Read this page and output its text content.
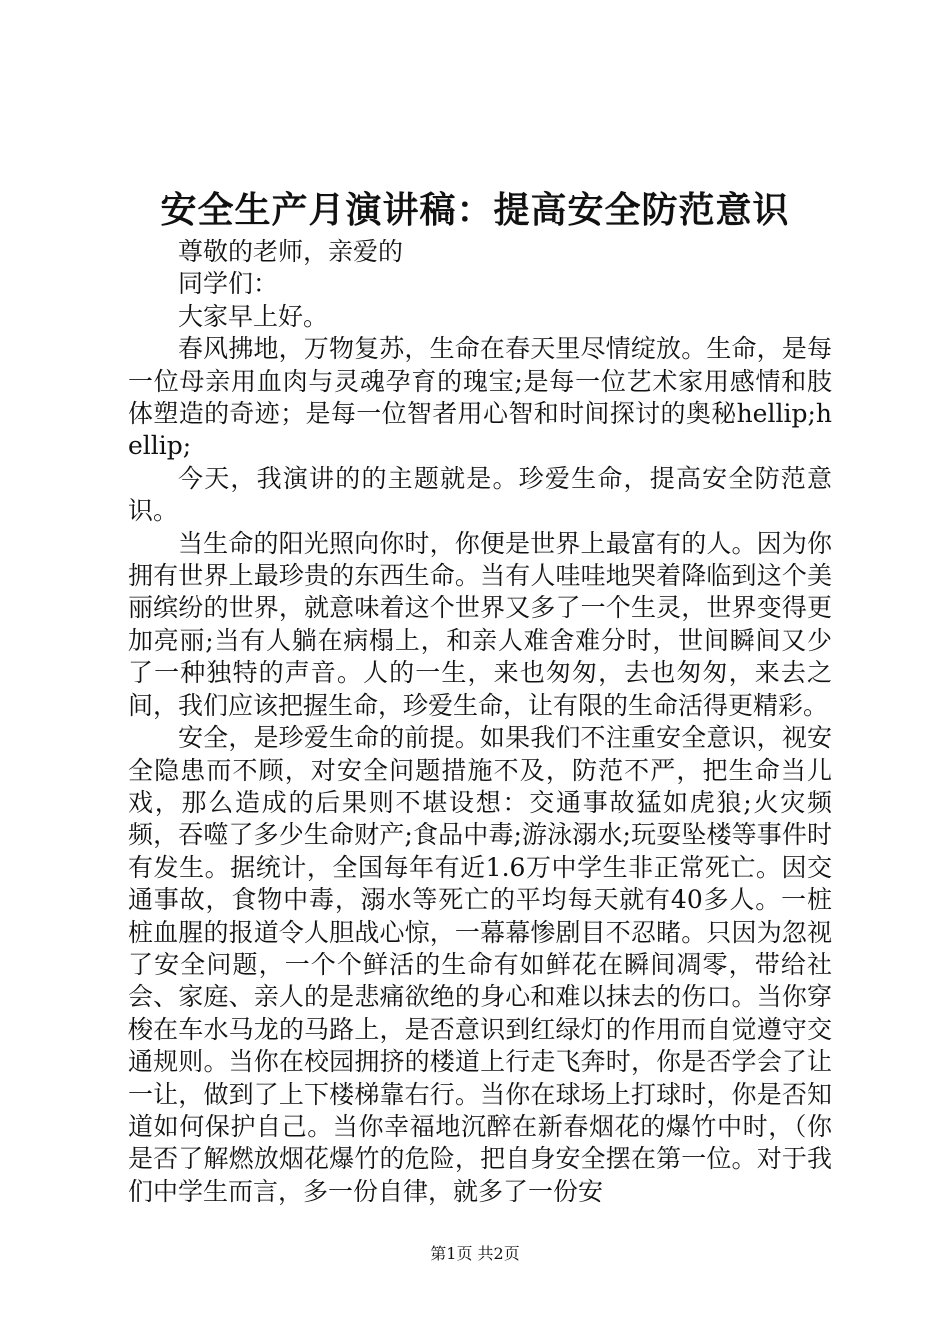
安全生产月演讲稿：提高安全防范意识

尊敬的老师，亲爱的

同学们：

大家早上好。

春风拂地，万物复苏，生命在春天里尽情绽放。生命，是每一位母亲用血肉与灵魂孕育的瑰宝;是每一位艺术家用感情和肢体塑造的奇迹；是每一位智者用心智和时间探讨的奥秘hellip;hellip;

今天，我演讲的的主题就是。珍爱生命，提高安全防范意识。

当生命的阳光照向你时，你便是世界上最富有的人。因为你拥有世界上最珍贵的东西生命。当有人哇哇地哭着降临到这个美丽缤纷的世界，就意味着这个世界又多了一个生灵，世界变得更加亮丽;当有人躺在病榻上，和亲人难舍难分时，世间瞬间又少了一种独特的声音。人的一生，来也匆匆，去也匆匆，来去之间，我们应该把握生命，珍爱生命，让有限的生命活得更精彩。

安全，是珍爱生命的前提。如果我们不注重安全意识，视安全隐患而不顾，对安全问题措施不及，防范不严，把生命当儿戏，那么造成的后果则不堪设想：交通事故猛如虎狼;火灾频频，吞噬了多少生命财产;食品中毒;游泳溺水;玩耍坠楼等事件时有发生。据统计，全国每年有近1.6万中学生非正常死亡。因交通事故，食物中毒，溺水等死亡的平均每天就有40多人。一桩桩血腥的报道令人胆战心惊，一幕幕惨剧目不忍睹。只因为忽视了安全问题，一个个鲜活的生命有如鲜花在瞬间凋零，带给社会、家庭、亲人的是悲痛欲绝的身心和难以抹去的伤口。当你穿梭在车水马龙的马路上，是否意识到红绿灯的作用而自觉遵守交通规则。当你在校园拥挤的楼道上行走飞奔时，你是否学会了让一让，做到了上下楼梯靠右行。当你在球场上打球时，你是否知道如何保护自己。当你幸福地沉醉在新春烟花的爆竹中时，（你是否了解燃放烟花爆竹的危险，把自身安全摆在第一位。对于我们中学生而言，多一份自律，就多了一份安

第1页 共2页
